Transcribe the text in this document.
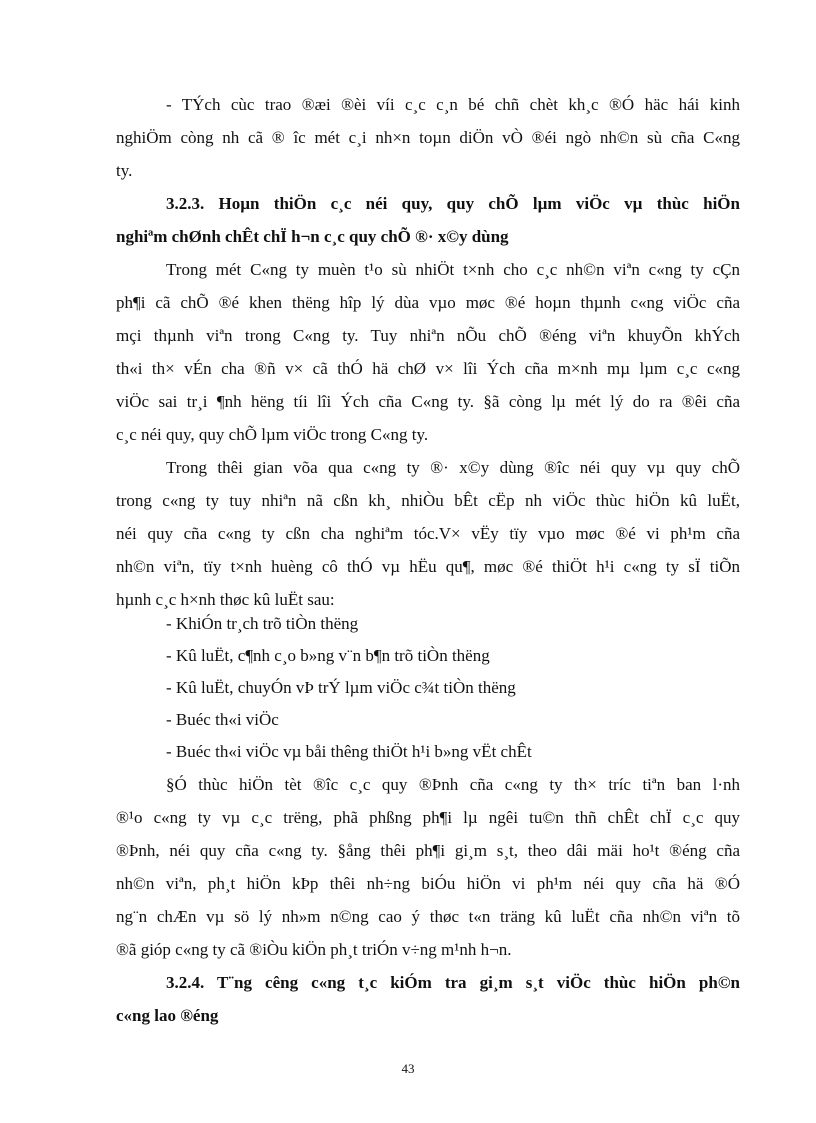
- TÝch cùc trao ®æi ®èi víi c¸c c¸n bé chñ chèt kh¸c ®Ó häc hái kinh
nghiÖm còng nh cã ® îc mét c¸i nh×n toµn diÖn vÒ ®éi ngò nh©n sù cña C«ng
ty.
3.2.3. Hoµn thiÖn c¸c néi quy, quy chÕ lµm viÖc vµ thùc hiÖn
nghiªm chØnh chÊt chÏ h¬n c¸c quy chÕ ®· x©y dùng
Trong mét C«ng ty muèn t¹o sù nhiÖt t×nh cho c¸c nh©n viªn c«ng ty cÇn
ph¶i cã chÕ ®é khen thëng hîp lý dùa vµo møc ®é hoµn thµnh c«ng viÖc cña
mçi thµnh viªn trong C«ng ty. Tuy nhiªn nÕu chÕ ®éng viªn khuyÕn khÝch
th«i th× vÉn cha ®ñ v× cã thÓ hä chØ v× lîi Ých cña m×nh mµ lµm c¸c c«ng
viÖc sai tr¸i ¶nh hëng tíi lîi Ých cña C«ng ty. §ã còng lµ mét lý do ra ®êi cña
c¸c néi quy, quy chÕ lµm viÖc trong C«ng ty.
Trong thêi gian võa qua c«ng ty ®· x©y dùng ®îc néi quy vµ quy chÕ
trong c«ng ty tuy nhiªn nã cßn kh¸ nhiÒu bÊt cËp nh viÖc thùc hiÖn kû luËt,
néi quy cña c«ng ty cßn cha nghiªm tóc.V× vËy tïy vµo møc ®é vi ph¹m cña
nh©n viªn, tïy t×nh huèng cô thÓ vµ hËu qu¶, møc ®é thiÖt h¹i c«ng ty sÏ tiÕn
hµnh c¸c h×nh thøc kû luËt sau:
- KhiÓn tr¸ch trõ tiÒn thëng
- Kû luËt, c¶nh c¸o b»ng v¨n b¶n trõ tiÒn thëng
- Kû luËt, chuyÓn vÞ trÝ lµm viÖc c¾t tiÒn thëng
- Buéc th«i viÖc
- Buéc th«i viÖc vµ båi thêng thiÖt h¹i b»ng vËt chÊt
§Ó thùc hiÖn tèt ®îc c¸c quy ®Þnh cña c«ng ty th× tríc tiªn ban l·nh
®¹o c«ng ty vµ c¸c trëng, phã phßng ph¶i lµ ngêi tu©n thñ chÊt chÏ c¸c quy
®Þnh, néi quy cña c«ng ty. §ång thêi ph¶i gi¸m s¸t, theo dâi mäi ho¹t ®éng cña
nh©n viªn, ph¸t hiÖn kÞp thêi nh÷ng biÓu hiÖn vi ph¹m néi quy cña hä ®Ó
ng¨n chÆn vµ sö lý nh»m n©ng cao ý thøc t«n träng kû luËt cña nh©n viªn tõ
®ã gióp c«ng ty cã ®iÒu kiÖn ph¸t triÓn v÷ng m¹nh h¬n.
3.2.4. T¨ng cêng c«ng t¸c kiÓm tra gi¸m s¸t viÖc thùc hiÖn ph©n
c«ng lao ®éng
43
